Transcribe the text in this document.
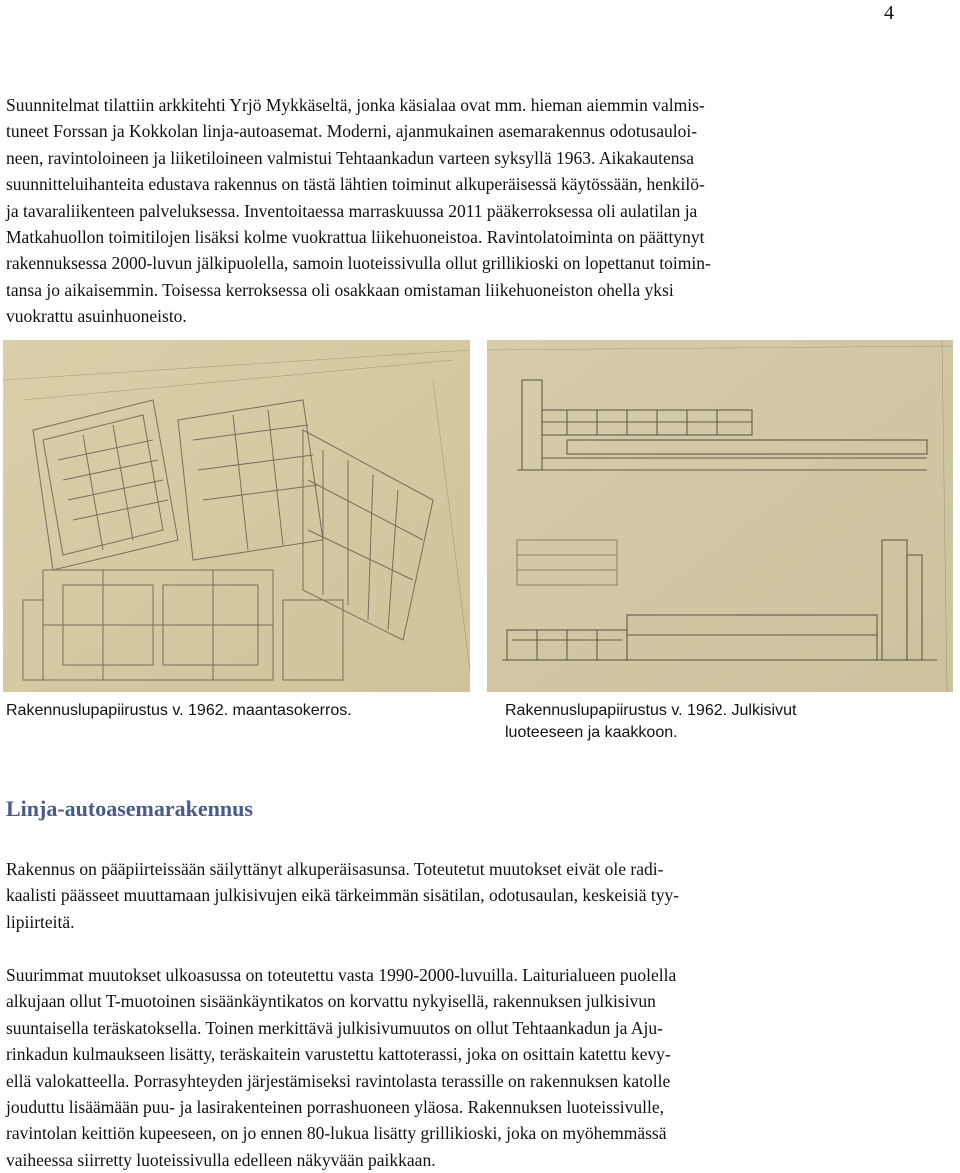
4

Suunnitelmat tilattiin arkkitehti Yrjö Mykkäseltä, jonka käsialaa ovat mm. hieman aiemmin valmis-
tuneet Forssan ja Kokkolan linja-autoasemat. Moderni, ajanmukainen asemarakennus odotusauloi-
neen, ravintoloineen ja liiketiloineen valmistui Tehtaankadun varteen syksyllä 1963. Aikakautensa
suunnitteluihanteita edustava rakennus on tästä lähtien toiminut alkuperäisessä käytössään, henkilö-
ja tavaraliikenteen palveluksessa. Inventoitaessa marraskuussa 2011 pääkerroksessa oli aulatilan ja
Matkahuollon toimitilojen lisäksi kolme vuokrattua liikehuoneistoa. Ravintolatoiminta on päättynyt
rakennuksessa 2000-luvun jälkipuolella, samoin luoteissivulla ollut grillikioski on lopettanut toimin-
tansa jo aikaisemmin. Toisessa kerroksessa oli osakkaan omistaman liikehuoneiston ohella yksi
vuokrattu asuinhuoneisto.

Rakennuslupapiirustus v. 1962. maantasokerros.	Rakennuslupapiirustus v. 1962. Julkisivut
luoteeseen ja kaakkoon.
Linja-autoasemarakennus

Rakennus on pääpiirteissään säilyttänyt alkuperäisasunsa. Toteutetut muutokset eivät ole radi-
kaalisti päässeet muuttamaan julkisivujen eikä tärkeimmän sisätilan, odotusaulan, keskeisiä tyy-
lipiirteitä.

Suurimmat muutokset ulkoasussa on toteutettu vasta 1990-2000-luvuilla. Laiturialueen puolella
alkujaan ollut T-muotoinen sisäänkäyntikatos on korvattu nykyisellä, rakennuksen julkisivun
suuntaisella teräskatoksella. Toinen merkittävä julkisivumuutos on ollut Tehtaankadun ja Aju-
rinkadun kulmaukseen lisätty, teräskaitein varustettu kattoterassi, joka on osittain katettu kevy-
ellä valokatteella. Porrasyhteyden järjestämiseksi ravintolasta terassille on rakennuksen katolle
jouduttu lisäämään puu- ja lasirakenteinen porrashuoneen yläosa. Rakennuksen luoteissivulle,
ravintolan keittiön kupeeseen, on jo ennen 80-lukua lisätty grillikioski, joka on myöhemmässä
vaiheessa siirretty luoteissivulla edelleen näkyvään paikkaan.
